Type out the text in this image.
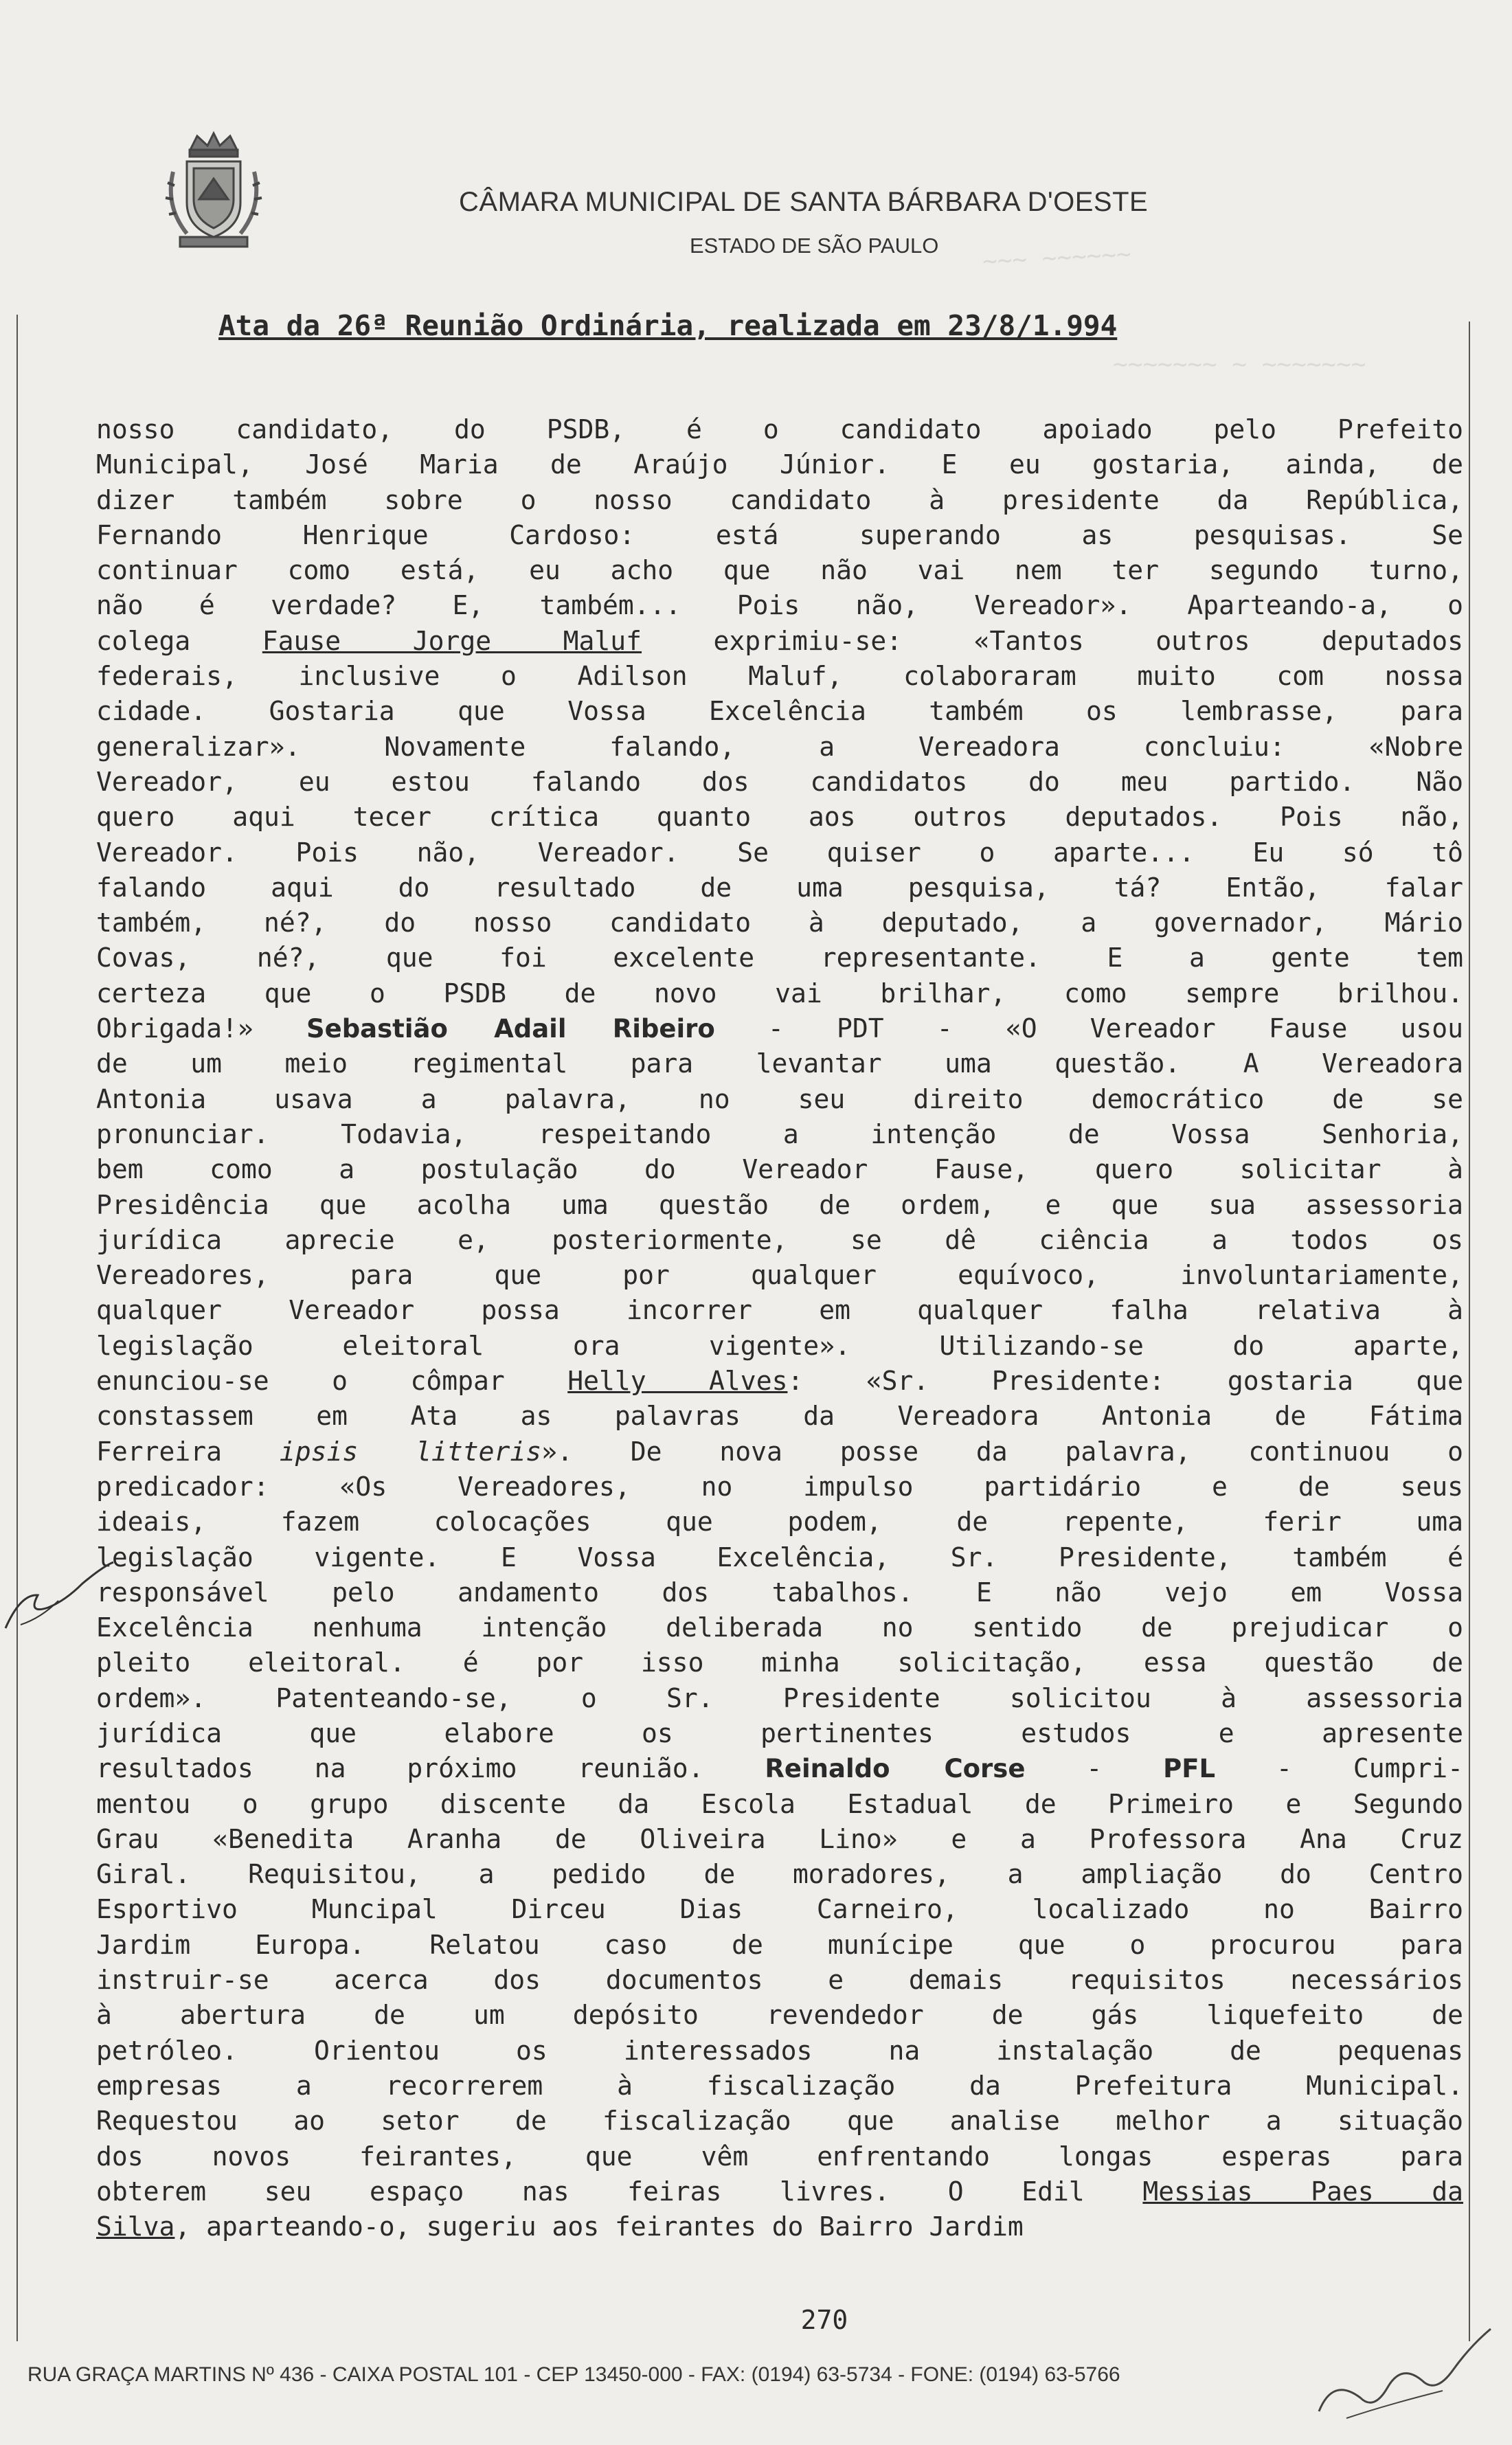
CÂMARA MUNICIPAL DE SANTA BÁRBARA D'OESTE
ESTADO DE SÃO PAULO	~~~ ~~~~~~
~~~~~~~ ~ ~~~~~~~
Ata da 26ª Reunião Ordinária, realizada em 23/8/1.994
nosso candidato, do PSDB, é o candidato apoiado pelo Prefeito
Municipal, José Maria de Araújo Júnior. E eu gostaria, ainda, de
dizer também sobre o nosso candidato à presidente da República,
Fernando Henrique Cardoso: está superando as pesquisas. Se
continuar como está, eu acho que não vai nem ter segundo turno,
não é verdade? E, também... Pois não, Vereador». Aparteando-a, o
colega Fause Jorge Maluf exprimiu-se: «Tantos outros deputados
federais, inclusive o Adilson Maluf, colaboraram muito com nossa
cidade. Gostaria que Vossa Excelência também os lembrasse, para
generalizar». Novamente falando, a Vereadora concluiu: «Nobre
Vereador, eu estou falando dos candidatos do meu partido. Não
quero aqui tecer crítica quanto aos outros deputados. Pois não,
Vereador. Pois não, Vereador. Se quiser o aparte... Eu só tô
falando aqui do resultado de uma pesquisa, tá? Então, falar
também, né?, do nosso candidato à deputado, a governador, Mário
Covas, né?, que foi excelente representante. E a gente tem
certeza que o PSDB de novo vai brilhar, como sempre brilhou.
Obrigada!» Sebastião Adail Ribeiro - PDT - «O Vereador Fause usou
de um meio regimental para levantar uma questão. A Vereadora
Antonia usava a palavra, no seu direito democrático de se
pronunciar. Todavia, respeitando a intenção de Vossa Senhoria,
bem como a postulação do Vereador Fause, quero solicitar à
Presidência que acolha uma questão de ordem, e que sua assessoria
jurídica aprecie e, posteriormente, se dê ciência a todos os
Vereadores, para que por qualquer equívoco, involuntariamente,
qualquer Vereador possa incorrer em qualquer falha relativa à
legislação eleitoral ora vigente». Utilizando-se do aparte,
enunciou-se o cômpar Helly Alves: «Sr. Presidente: gostaria que
constassem em Ata as palavras da Vereadora Antonia de Fátima
Ferreira ipsis litteris». De nova posse da palavra, continuou o
predicador: «Os Vereadores, no impulso partidário e de seus
ideais, fazem colocações que podem, de repente, ferir uma
legislação vigente. E Vossa Excelência, Sr. Presidente, também é
responsável pelo andamento dos tabalhos. E não vejo em Vossa
Excelência nenhuma intenção deliberada no sentido de prejudicar o
pleito eleitoral. é por isso minha solicitação, essa questão de
ordem». Patenteando-se, o Sr. Presidente solicitou à assessoria
jurídica que elabore os pertinentes estudos e apresente
resultados na próximo reunião. Reinaldo Corse - PFL - Cumpri-
mentou o grupo discente da Escola Estadual de Primeiro e Segundo
Grau «Benedita Aranha de Oliveira Lino» e a Professora Ana Cruz
Giral. Requisitou, a pedido de moradores, a ampliação do Centro
Esportivo Muncipal Dirceu Dias Carneiro, localizado no Bairro
Jardim Europa. Relatou caso de munícipe que o procurou para
instruir-se acerca dos documentos e demais requisitos necessários
à abertura de um depósito revendedor de gás liquefeito de
petróleo. Orientou os interessados na instalação de pequenas
empresas a recorrerem à fiscalização da Prefeitura Municipal.
Requestou ao setor de fiscalização que analise melhor a situação
dos novos feirantes, que vêm enfrentando longas esperas para
obterem seu espaço nas feiras livres. O Edil Messias Paes da
Silva, aparteando-o, sugeriu aos feirantes do Bairro Jardim
270
RUA GRAÇA MARTINS Nº 436 - CAIXA POSTAL 101 - CEP 13450-000 - FAX: (0194) 63-5734 - FONE: (0194) 63-5766
